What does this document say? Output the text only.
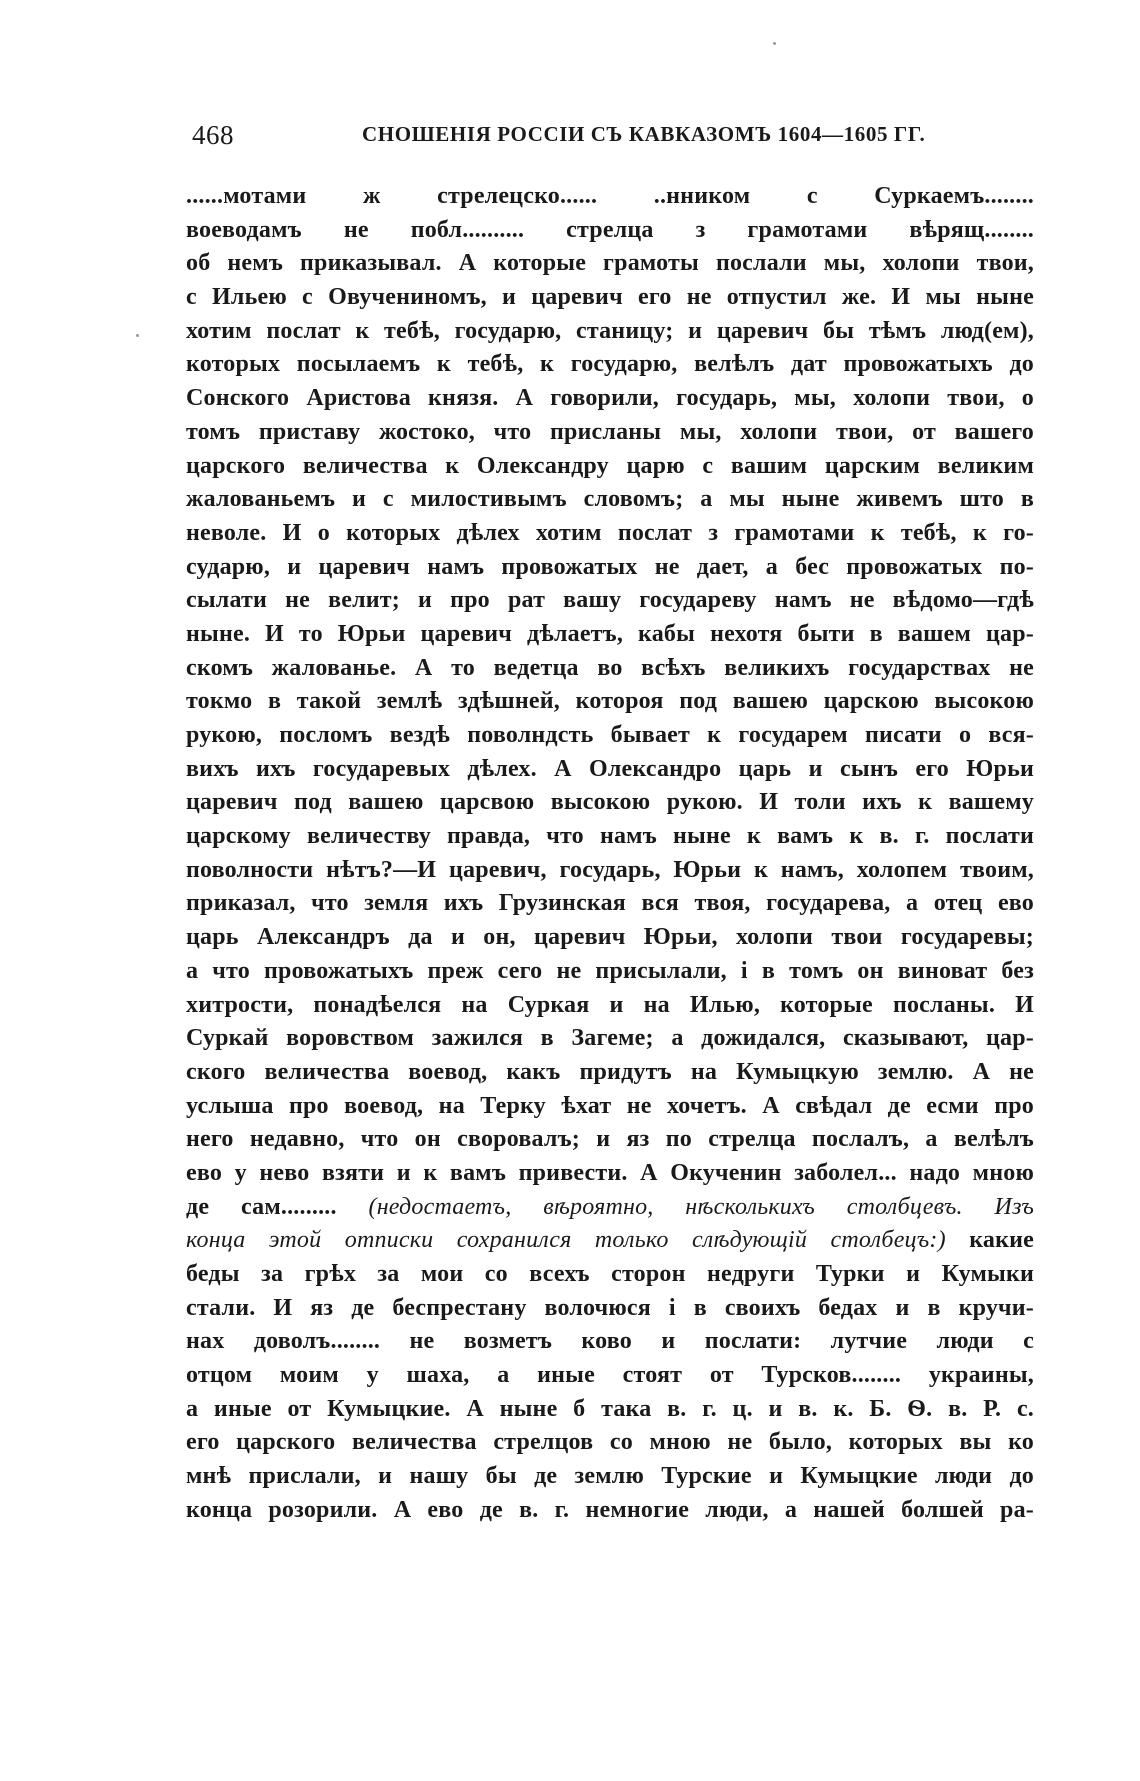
468	СНОШЕНІЯ РОССІИ СЪ КАВКАЗОМЪ 1604—1605 ГГ.
......мотами ж стрелецско...... ..нником с Суркаемъ........
воеводамъ не побл.......... стрелца з грамотами вѣрящ........
об немъ приказывал. А которые грамоты послали мы, холопи твои,
с Ильею с Овучениномъ, и царевич его не отпустил же. И мы ныне
хотим послат к тебѣ, государю, станицу; и царевич бы тѣмъ люд(ем),
которых посылаемъ к тебѣ, к государю, велѣлъ дат провожатыхъ до
Сонского Аристова князя. А говорили, государь, мы, холопи твои, о
томъ приставу жостоко, что присланы мы, холопи твои, от вашего
царского величества к Олександру царю с вашим царским великим
жалованьемъ и с милостивымъ словомъ; а мы ныне живемъ што в
неволе. И о которых дѣлех хотим послат з грамотами к тебѣ, к го-
сударю, и царевич намъ провожатых не дает, а бес провожатых по-
сылати не велит; и про рат вашу государеву намъ не вѣдомо—гдѣ
ныне. И то Юрьи царевич дѣлаетъ, кабы нехотя быти в вашем цар-
скомъ жалованье. А то ведетца во всѣхъ великихъ государствах не
токмо в такой землѣ здѣшней, котороя под вашею царскою высокою
рукою, посломъ вездѣ поволндсть бывает к государем писати о вся-
вихъ ихъ государевых дѣлех. А Олександро царь и сынъ его Юрьи
царевич под вашею царсвою высокою рукою. И толи ихъ к вашему
царскому величеству правда, что намъ ныне к вамъ к в. г. послати
поволности нѣтъ?—И царевич, государь, Юрьи к намъ, холопем твоим,
приказал, что земля ихъ Грузинская вся твоя, государева, а отец ево
царь Александръ да и он, царевич Юрьи, холопи твои государевы;
а что провожатыхъ преж сего не присылали, і в томъ он виноват без
хитрости, понадѣелся на Суркая и на Илью, которые посланы. И
Суркай воровством зажился в Загеме; а дожидался, сказывают, цар-
ского величества воевод, какъ придутъ на Кумыцкую землю. А не
услыша про воевод, на Терку ѣхат не хочетъ. А свѣдал де есми про
него недавно, что он своровалъ; и яз по стрелца послалъ, а велѣлъ
ево у нево взяти и к вамъ привести. А Окученин заболел... надо мною
де сам......... (недостаетъ, вѣроятно, нѣсколькихъ столбцевъ. Изъ
конца этой отписки сохранился только слѣдующій столбецъ:) какие
беды за грѣх за мои со всехъ сторон недруги Турки и Кумыки
стали. И яз де беспрестану волочюся і в своихъ бедах и в кручи-
нах доволъ........ не возметъ ково и послати: лутчие люди с
отцом моим у шаха, а иные стоят от Турсков........ украины,
а иные от Кумыцкие. А ныне б така в. г. ц. и в. к. Б. Ѳ. в. Р. с.
его царского величества стрелцов со мною не было, которых вы ко
мнѣ прислали, и нашу бы де землю Турские и Кумыцкие люди до
конца розорили. А ево де в. г. немногие люди, а нашей болшей ра-
